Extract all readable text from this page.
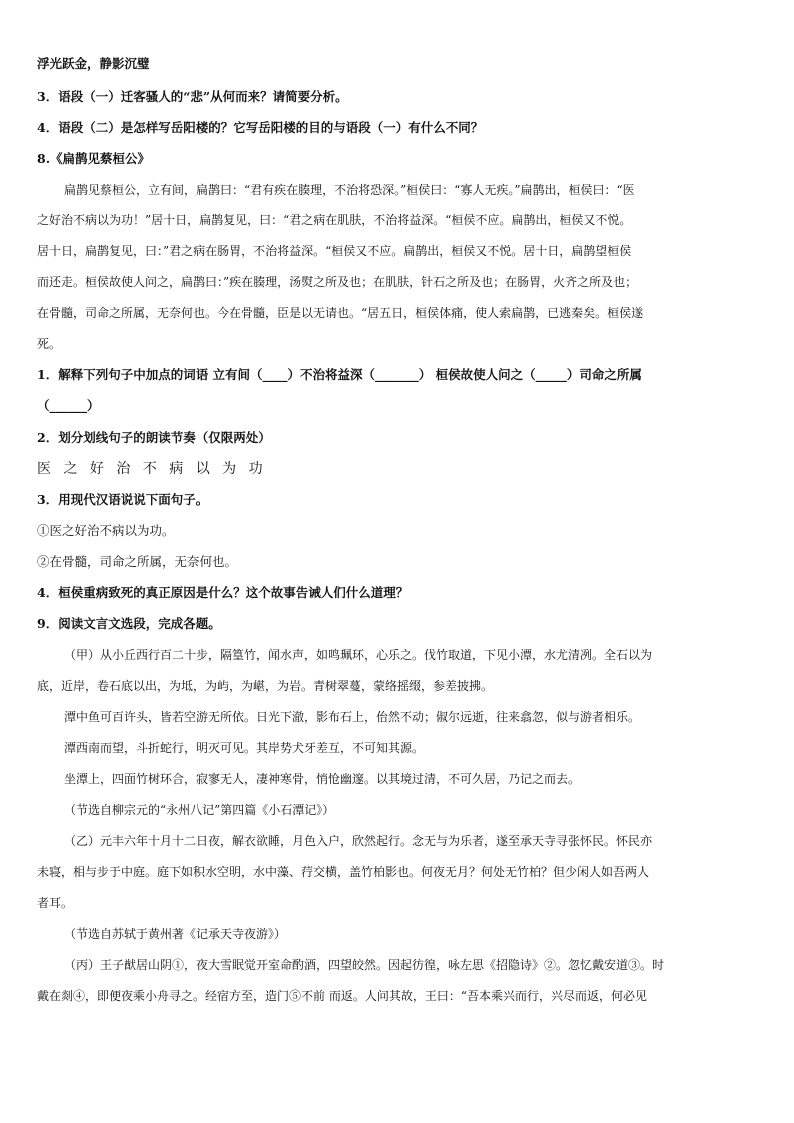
浮光跃金，静影沉璧
3．语段（一）迁客骚人的“悲”从何而来？请简要分析。
4．语段（二）是怎样写岳阳楼的？它写岳阳楼的目的与语段（一）有什么不同？
8.《扁鹊见蔡桓公》
扁鹊见蔡桓公，立有间，扁鹊曰：“君有疾在腠理，不治将恐深。”桓侯曰：“寡人无疾。”扁鹊出，桓侯曰：“医
之好治不病以为功！”居十日，扁鹊复见，曰：“君之病在肌肤，不治将益深。“桓侯不应。扁鹊出，桓侯又不悦。
居十日，扁鹊复见，曰：”君之病在肠胃，不治将益深。“桓侯又不应。扁鹊出，桓侯又不悦。居十日，扁鹊望桓侯
而还走。桓侯故使人问之，扁鹊曰：”疾在腠理，汤熨之所及也；在肌肤，针石之所及也；在肠胃，火齐之所及也；
在骨髓，司命之所属，无奈何也。今在骨髓，臣是以无请也。“居五日，桓侯体痛，使人索扁鹊，已逃秦矣。桓侯遂
死。
1．解释下列句子中加点的词语 立有间（____）不治将益深（_______） 桓侯故使人问之（_____）司命之所属
（______）
2．划分划线句子的朗读节奏（仅限两处）
医 之 好 治 不 病 以 为 功
3．用现代汉语说说下面句子。
①医之好治不病以为功。
②在骨髓，司命之所属，无奈何也。
4．桓侯重病致死的真正原因是什么？这个故事告诫人们什么道理？
9．阅读文言文选段，完成各题。
（甲）从小丘西行百二十步，隔篁竹，闻水声，如鸣珮环，心乐之。伐竹取道，下见小潭，水尤清冽。全石以为
底，近岸，卷石底以出，为坻，为屿，为嵁，为岩。青树翠蔓，蒙络摇缀，参差披拂。
潭中鱼可百许头，皆若空游无所依。日光下澈，影布石上，佁然不动；俶尔远逝，往来翕忽，似与游者相乐。
潭西南而望，斗折蛇行，明灭可见。其岸势犬牙差互，不可知其源。
坐潭上，四面竹树环合，寂寥无人，凄神寒骨，悄怆幽邃。以其境过清，不可久居，乃记之而去。
（节选自柳宗元的“永州八记”第四篇《小石潭记》）
（乙）元丰六年十月十二日夜，解衣欲睡，月色入户，欣然起行。念无与为乐者，遂至承天寺寻张怀民。怀民亦
未寝，相与步于中庭。庭下如积水空明，水中藻、荇交横，盖竹柏影也。何夜无月？何处无竹柏？但少闲人如吾两人
者耳。
（节选自苏轼于黄州著《记承天寺夜游》）
（丙）王子猷居山阴①，夜大雪眠觉开室命酌酒，四望皎然。因起彷徨，咏左思《招隐诗》②。忽忆戴安道③。时
戴在剡④，即便夜乘小舟寻之。经宿方至，造门⑤不前 而返。人问其故，王曰：“吾本乘兴而行，兴尽而返，何必见
